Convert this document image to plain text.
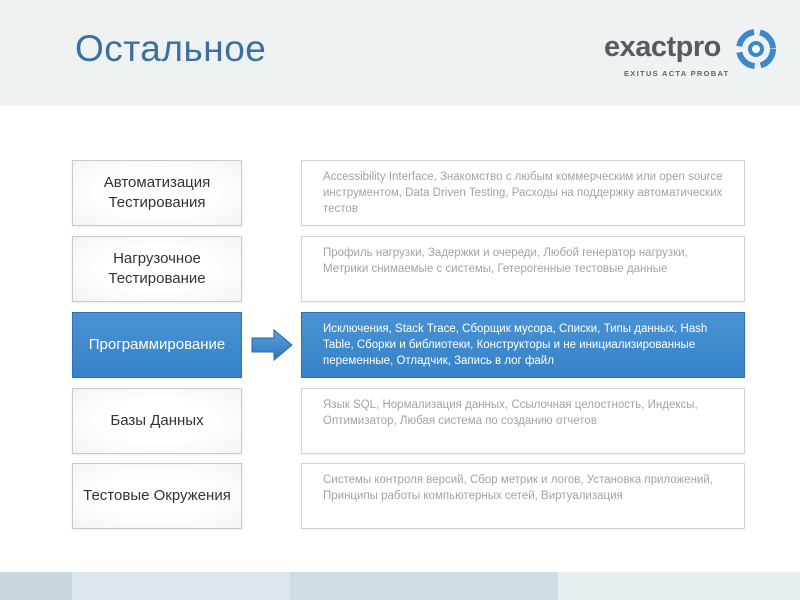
Остальное	exactpro
EXITUS ACTA PROBAT
Автоматизация Тестирования
Accessibility Interface, Знакомство с любым коммерческим или open source инструментом, Data Driven Testing, Расходы на поддержку автоматических тестов
Нагрузочное Тестирование
Профиль нагрузки, Задержки и очереди, Любой генератор нагрузки, Метрики снимаемые с системы, Гетерогенные тестовые данные
Программирование
Исключения, Stack Trace, Сборщик мусора, Списки, Типы данных, Hash Table, Сборки и библиотеки, Конструкторы и не инициализированные переменные, Отладчик, Запись в лог файл
Базы Данных
Язык SQL, Нормализация данных, Ссылочная целостность, Индексы, Оптимизатор, Любая система по созданию отчетов
Тестовые Окружения
Системы контроля версий, Сбор метрик и логов, Установка приложений, Принципы работы компьютерных сетей, Виртуализация
